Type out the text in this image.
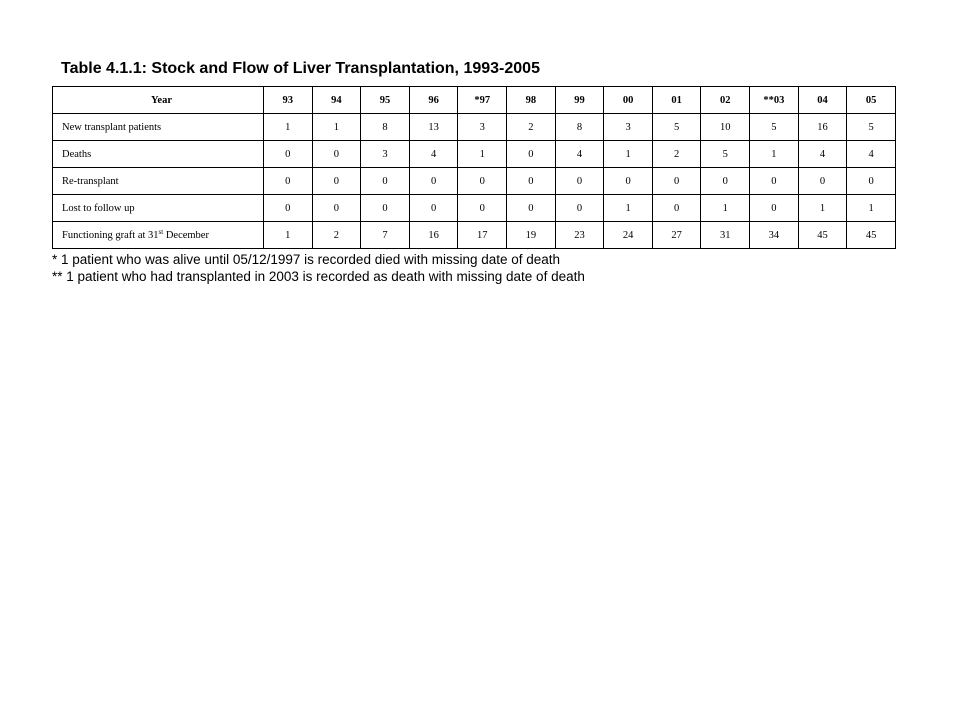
Table 4.1.1: Stock and Flow of Liver Transplantation, 1993-2005
Year	93	94	95	96	*97	98	99	00	01	02	**03	04	05
New transplant patients	1	1	8	13	3	2	8	3	5	10	5	16	5
Deaths	0	0	3	4	1	0	4	1	2	5	1	4	4
Re-transplant	0	0	0	0	0	0	0	0	0	0	0	0	0
Lost to follow up	0	0	0	0	0	0	0	1	0	1	0	1	1
Functioning graft at 31st December	1	2	7	16	17	19	23	24	27	31	34	45	45
* 1 patient who was alive until 05/12/1997 is recorded died with missing date of death
** 1 patient who had transplanted in 2003 is recorded as death with missing date of death
